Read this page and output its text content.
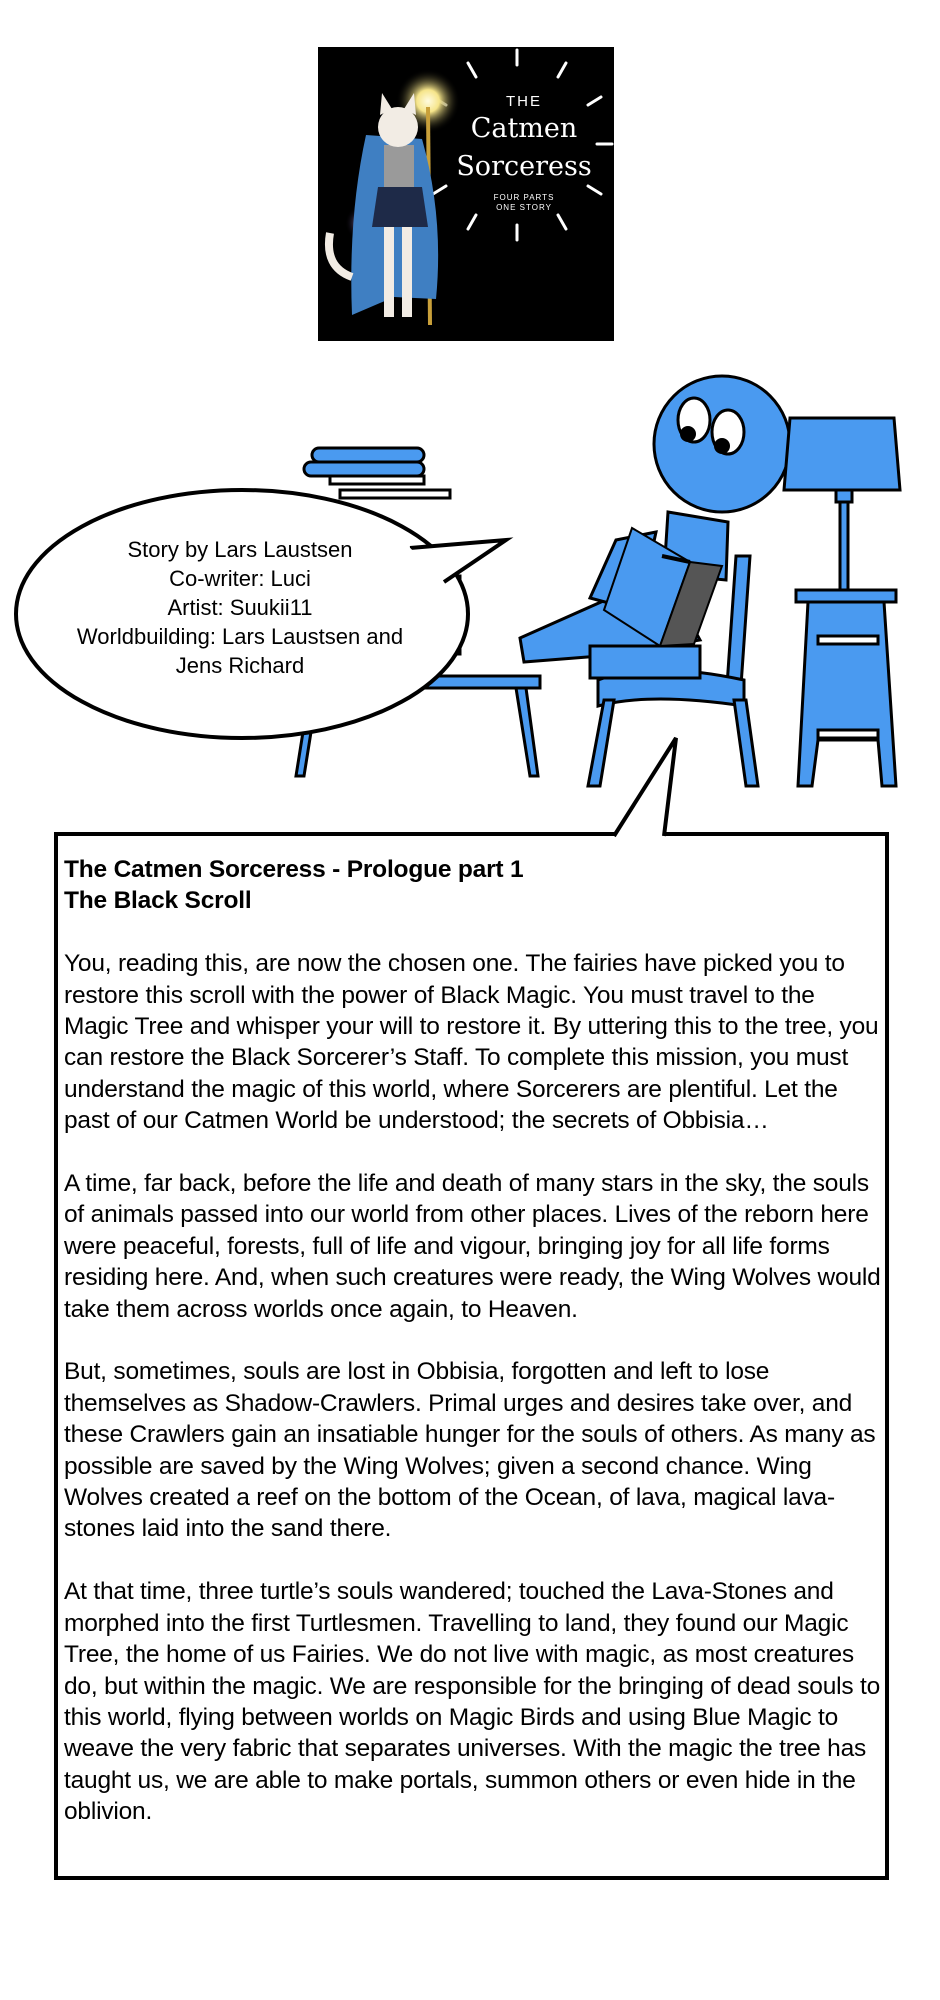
THE
Catmen
Sorceress
FOUR PARTS
ONE STORY
Story by Lars Laustsen
Co-writer: Luci
Artist: Suukii11
Worldbuilding: Lars Laustsen and
Jens Richard
The Catmen Sorceress - Prologue part 1
The Black Scroll

You, reading this, are now the chosen one. The fairies have picked you to restore this scroll with the power of Black Magic. You must travel to the Magic Tree and whisper your will to restore it. By uttering this to the tree, you can restore the Black Sorcerer’s Staff. To complete this mission, you must understand the magic of this world, where Sorcerers are plentiful. Let the past of our Catmen World be understood; the secrets of Obbisia…

A time, far back, before the life and death of many stars in the sky, the souls of animals passed into our world from other places. Lives of the reborn here were peaceful, forests, full of life and vigour, bringing joy for all life forms residing here. And, when such creatures were ready, the Wing Wolves would take them across worlds once again, to Heaven.

But, sometimes, souls are lost in Obbisia, forgotten and left to lose themselves as Shadow-Crawlers. Primal urges and desires take over, and these Crawlers gain an insatiable hunger for the souls of others. As many as possible are saved by the Wing Wolves; given a second chance. Wing Wolves created a reef on the bottom of the Ocean, of lava, magical lava-stones laid into the sand there.

At that time, three turtle’s souls wandered; touched the Lava-Stones and morphed into the first Turtlesmen. Travelling to land, they found our Magic Tree, the home of us Fairies. We do not live with magic, as most creatures do, but within the magic. We are responsible for the bringing of dead souls to this world, flying between worlds on Magic Birds and using Blue Magic to weave the very fabric that separates universes. With the magic the tree has taught us, we are able to make portals, summon others or even hide in the oblivion.
